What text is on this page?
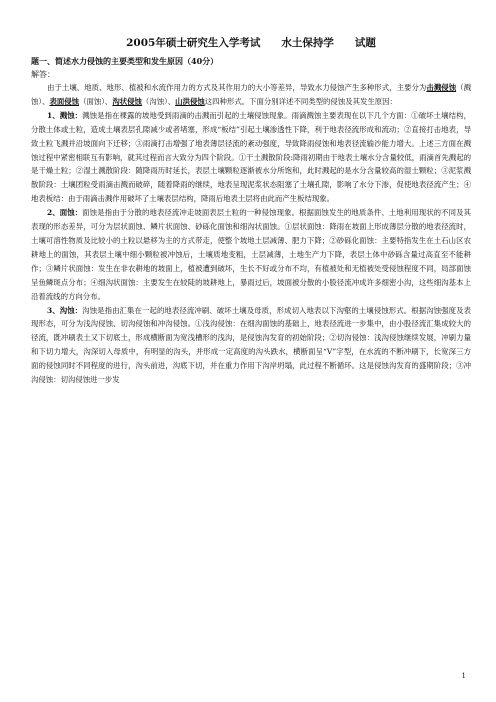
2005年硕士研究生入学考试　　水土保持学　　试题
题一、简述水力侵蚀的主要类型和发生原因（40分）
解答：

由于土壤、地质、地形、植被和水流作用力的方式及其作用力的大小等差异，导致水力侵蚀产生多种形式，主要分为击溅侵蚀（溅蚀）、表面侵蚀（面蚀）、沟状侵蚀（沟蚀）、山洪侵蚀这四种形式。下面分别详述不同类型的侵蚀及其发生原因：

1、溅蚀：溅蚀是指在裸露的坡地受到雨滴的击溅而引起的土壤侵蚀现象。雨滴溅蚀主要表现在以下几个方面：①破坏土壤结构，分散土体或土粒，造成土壤表层孔隙减少或者堵塞，形成“板结”引起土壤渗透性下降，利于地表径流形成和流动；②直接打击地表，导致土粒飞溅并沿坡面向下迁移；③雨滴打击增强了地表薄层径流的紊动强度，导致降雨侵蚀和地表径流输沙能力增大。上述三方面在溅蚀过程中紧密相联互有影响，就其过程而言大致分为四个阶段。①干土溅散阶段:降雨初期由于地表土壤水分含量较低，雨滴首先溅起的是干燥土粒；②湿土溅散阶段：随降雨历时延长，表层土壤颗粒逐渐被水分所饱和，此时溅起的是水分含量较高的湿土颗粒；③泥浆溅散阶段：土壤团粒受雨滴击溅而破碎，随着降雨的继续，地表呈现泥浆状态阻塞了土壤孔隙，影响了水分下渗，促使地表径流产生；④地表板结：由于雨滴击溅作用破坏了土壤表层结构，降雨后地表土层将由此而产生板结现象。

2、面蚀：面蚀是指由于分散的地表径流冲走坡面表层土粒的一种侵蚀现象。根据面蚀发生的地质条件、土地利用现状的不同及其表现的形态差异，可分为层状面蚀、鳞片状面蚀、砂砾化面蚀和细沟状面蚀。①层状面蚀：降雨在坡面上形成薄层分散的地表径流时，土壤可溶性物质及比较小的土粒以悬移为主的方式带走，使整个坡地土层减薄、肥力下降；②砂砾化面蚀：主要特指发生在土石山区农耕地上的面蚀，其表层土壤中细小颗粒被冲蚀后，土壤质地变粗，土层减薄，土地生产力下降，表层土体中砂砾含量过高直至不能耕作；③鳞片状面蚀：发生在非农耕地的坡面上，植被遭到破坏，生长不好或分布不均，有植被处和无植被处受侵蚀程度不同，局部面蚀呈鱼鳞斑点分布；④细沟状面蚀：主要发生在较陡的坡耕地上，暴雨过后，坡面被分散的小股径流冲成许多细密小沟，这些细沟基本上沿着流线的方向分布。

3、沟蚀：沟蚀是指由汇集在一起的地表径流冲刷、破坏土壤及母质，形成切入地表以下沟壑的土壤侵蚀形式。根据沟蚀强度及表现形态，可分为浅沟侵蚀、切沟侵蚀和冲沟侵蚀。①浅沟侵蚀：在细沟面蚀的基础上，地表径流进一步集中，由小股径流汇集成较大的径流，既冲刷表土又下切底土，形成横断面为宽浅槽形的浅沟，是侵蚀沟发育的初始阶段；②切沟侵蚀：浅沟侵蚀继续发展，冲刷力量和下切力增大，沟深切入母质中，有明显的沟头，并形成一定高度的沟头跌水，横断面呈“V”字型，在水流的不断冲刷下，长宽深三方面的侵蚀同时不同程度的进行，沟头前进，沟底下切，并在重力作用下沟岸坍塌，此过程不断循环。这是侵蚀沟发育的盛期阶段；③冲沟侵蚀：切沟侵蚀进一步发

1
